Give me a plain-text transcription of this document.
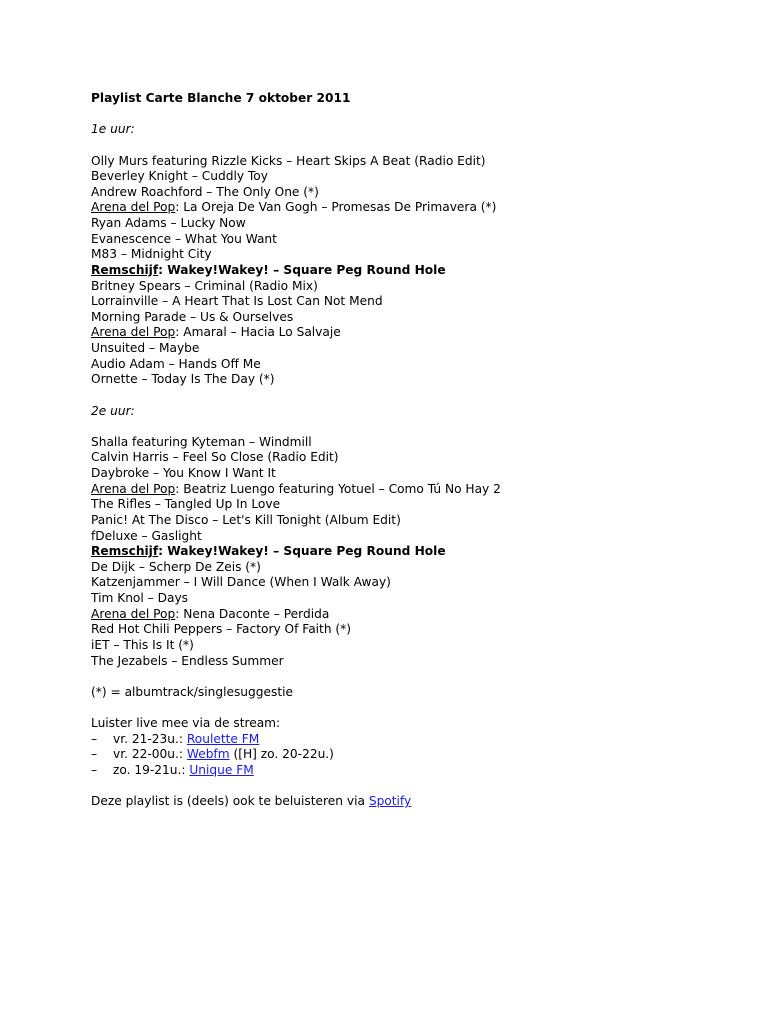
Playlist Carte Blanche 7 oktober 2011
1e uur:
Olly Murs featuring Rizzle Kicks – Heart Skips A Beat (Radio Edit)
Beverley Knight – Cuddly Toy
Andrew Roachford – The Only One (*)
Arena del Pop: La Oreja De Van Gogh – Promesas De Primavera (*)
Ryan Adams – Lucky Now
Evanescence – What You Want
M83 – Midnight City
Remschijf: Wakey!Wakey! – Square Peg Round Hole
Britney Spears – Criminal (Radio Mix)
Lorrainville – A Heart That Is Lost Can Not Mend
Morning Parade – Us & Ourselves
Arena del Pop: Amaral – Hacia Lo Salvaje
Unsuited – Maybe
Audio Adam – Hands Off Me
Ornette – Today Is The Day (*)
2e uur:
Shalla featuring Kyteman – Windmill
Calvin Harris – Feel So Close (Radio Edit)
Daybroke – You Know I Want It
Arena del Pop: Beatriz Luengo featuring Yotuel – Como Tú No Hay 2
The Rifles – Tangled Up In Love
Panic! At The Disco – Let's Kill Tonight (Album Edit)
fDeluxe – Gaslight
Remschijf: Wakey!Wakey! – Square Peg Round Hole
De Dijk – Scherp De Zeis (*)
Katzenjammer – I Will Dance (When I Walk Away)
Tim Knol – Days
Arena del Pop: Nena Daconte – Perdida
Red Hot Chili Peppers – Factory Of Faith (*)
iET – This Is It (*)
The Jezabels – Endless Summer
(*) = albumtrack/singlesuggestie
Luister live mee via de stream:
– vr. 21-23u.: Roulette FM
– vr. 22-00u.: Webfm ([H] zo. 20-22u.)
– zo. 19-21u.: Unique FM
Deze playlist is (deels) ook te beluisteren via Spotify
